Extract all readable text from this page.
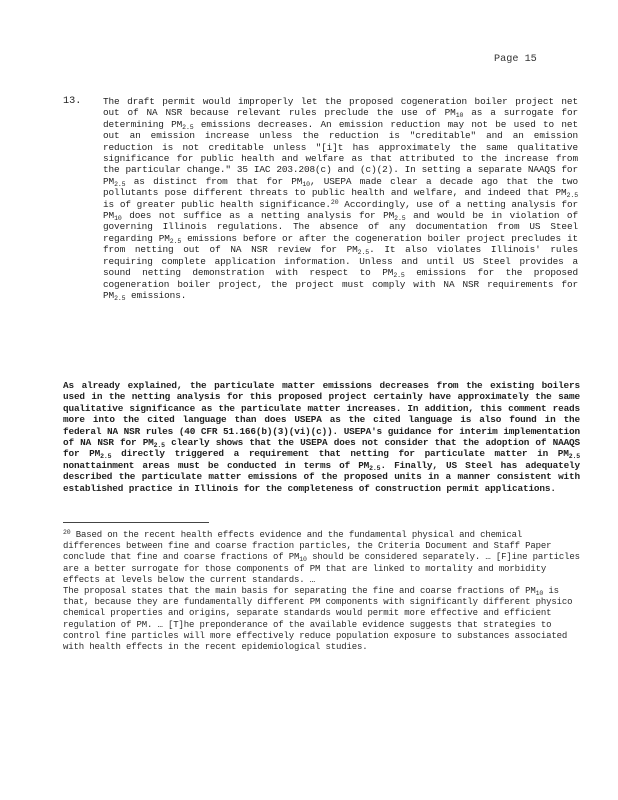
Page 15
13. The draft permit would improperly let the proposed cogeneration boiler project net out of NA NSR because relevant rules preclude the use of $PM_{10}$ as a surrogate for determining $PM_{2.5}$ emissions decreases. An emission reduction may not be used to net out an emission increase unless the reduction is "creditable" and an emission reduction is not creditable unless "[i]t has approximately the same qualitative significance for public health and welfare as that attributed to the increase from the particular change." 35 IAC 203.208(c) and (c)(2). In setting a separate NAAQS for $PM_{2.5}$ as distinct from that for $PM_{10}$, USEPA made clear a decade ago that the two pollutants pose different threats to public health and welfare, and indeed that $PM_{2.5}$ is of greater public health significance.$^{20}$ Accordingly, use of a netting analysis for $PM_{10}$ does not suffice as a netting analysis for $PM_{2.5}$ and would be in violation of governing Illinois regulations. The absence of any documentation from US Steel regarding $PM_{2.5}$ emissions before or after the cogeneration boiler project precludes it from netting out of NA NSR review for $PM_{2.5}$. It also violates Illinois' rules requiring complete application information. Unless and until US Steel provides a sound netting demonstration with respect to $PM_{2.5}$ emissions for the proposed cogeneration boiler project, the project must comply with NA NSR requirements for $PM_{2.5}$ emissions.
As already explained, the particulate matter emissions decreases from the existing boilers used in the netting analysis for this proposed project certainly have approximately the same qualitative significance as the particulate matter increases. In addition, this comment reads more into the cited language than does USEPA as the cited language is also found in the federal NA NSR rules (40 CFR 51.166(b)(3)(vi)(c)). USEPA's guidance for interim implementation of NA NSR for $PM_{2.5}$ clearly shows that the USEPA does not consider that the adoption of NAAQS for $PM_{2.5}$ directly triggered a requirement that netting for particulate matter in $PM_{2.5}$ nonattainment areas must be conducted in terms of $PM_{2.5}$. Finally, US Steel has adequately described the particulate matter emissions of the proposed units in a manner consistent with established practice in Illinois for the completeness of construction permit applications.

$^{20}$ Based on the recent health effects evidence and the fundamental physical and chemical differences between fine and coarse fraction particles, the Criteria Document and Staff Paper conclude that fine and coarse fractions of $PM_{10}$ should be considered separately. … [F]ine particles are a better surrogate for those components of PM that are linked to mortality and morbidity effects at levels below the current standards. …

The proposal states that the main basis for separating the fine and coarse fractions of $PM_{10}$ is that, because they are fundamentally different PM components with significantly different physico chemical properties and origins, separate standards would permit more effective and efficient regulation of PM. … [T]he preponderance of the available evidence suggests that strategies to control fine particles will more effectively reduce population exposure to substances associated with health effects in the recent epidemiological studies.
